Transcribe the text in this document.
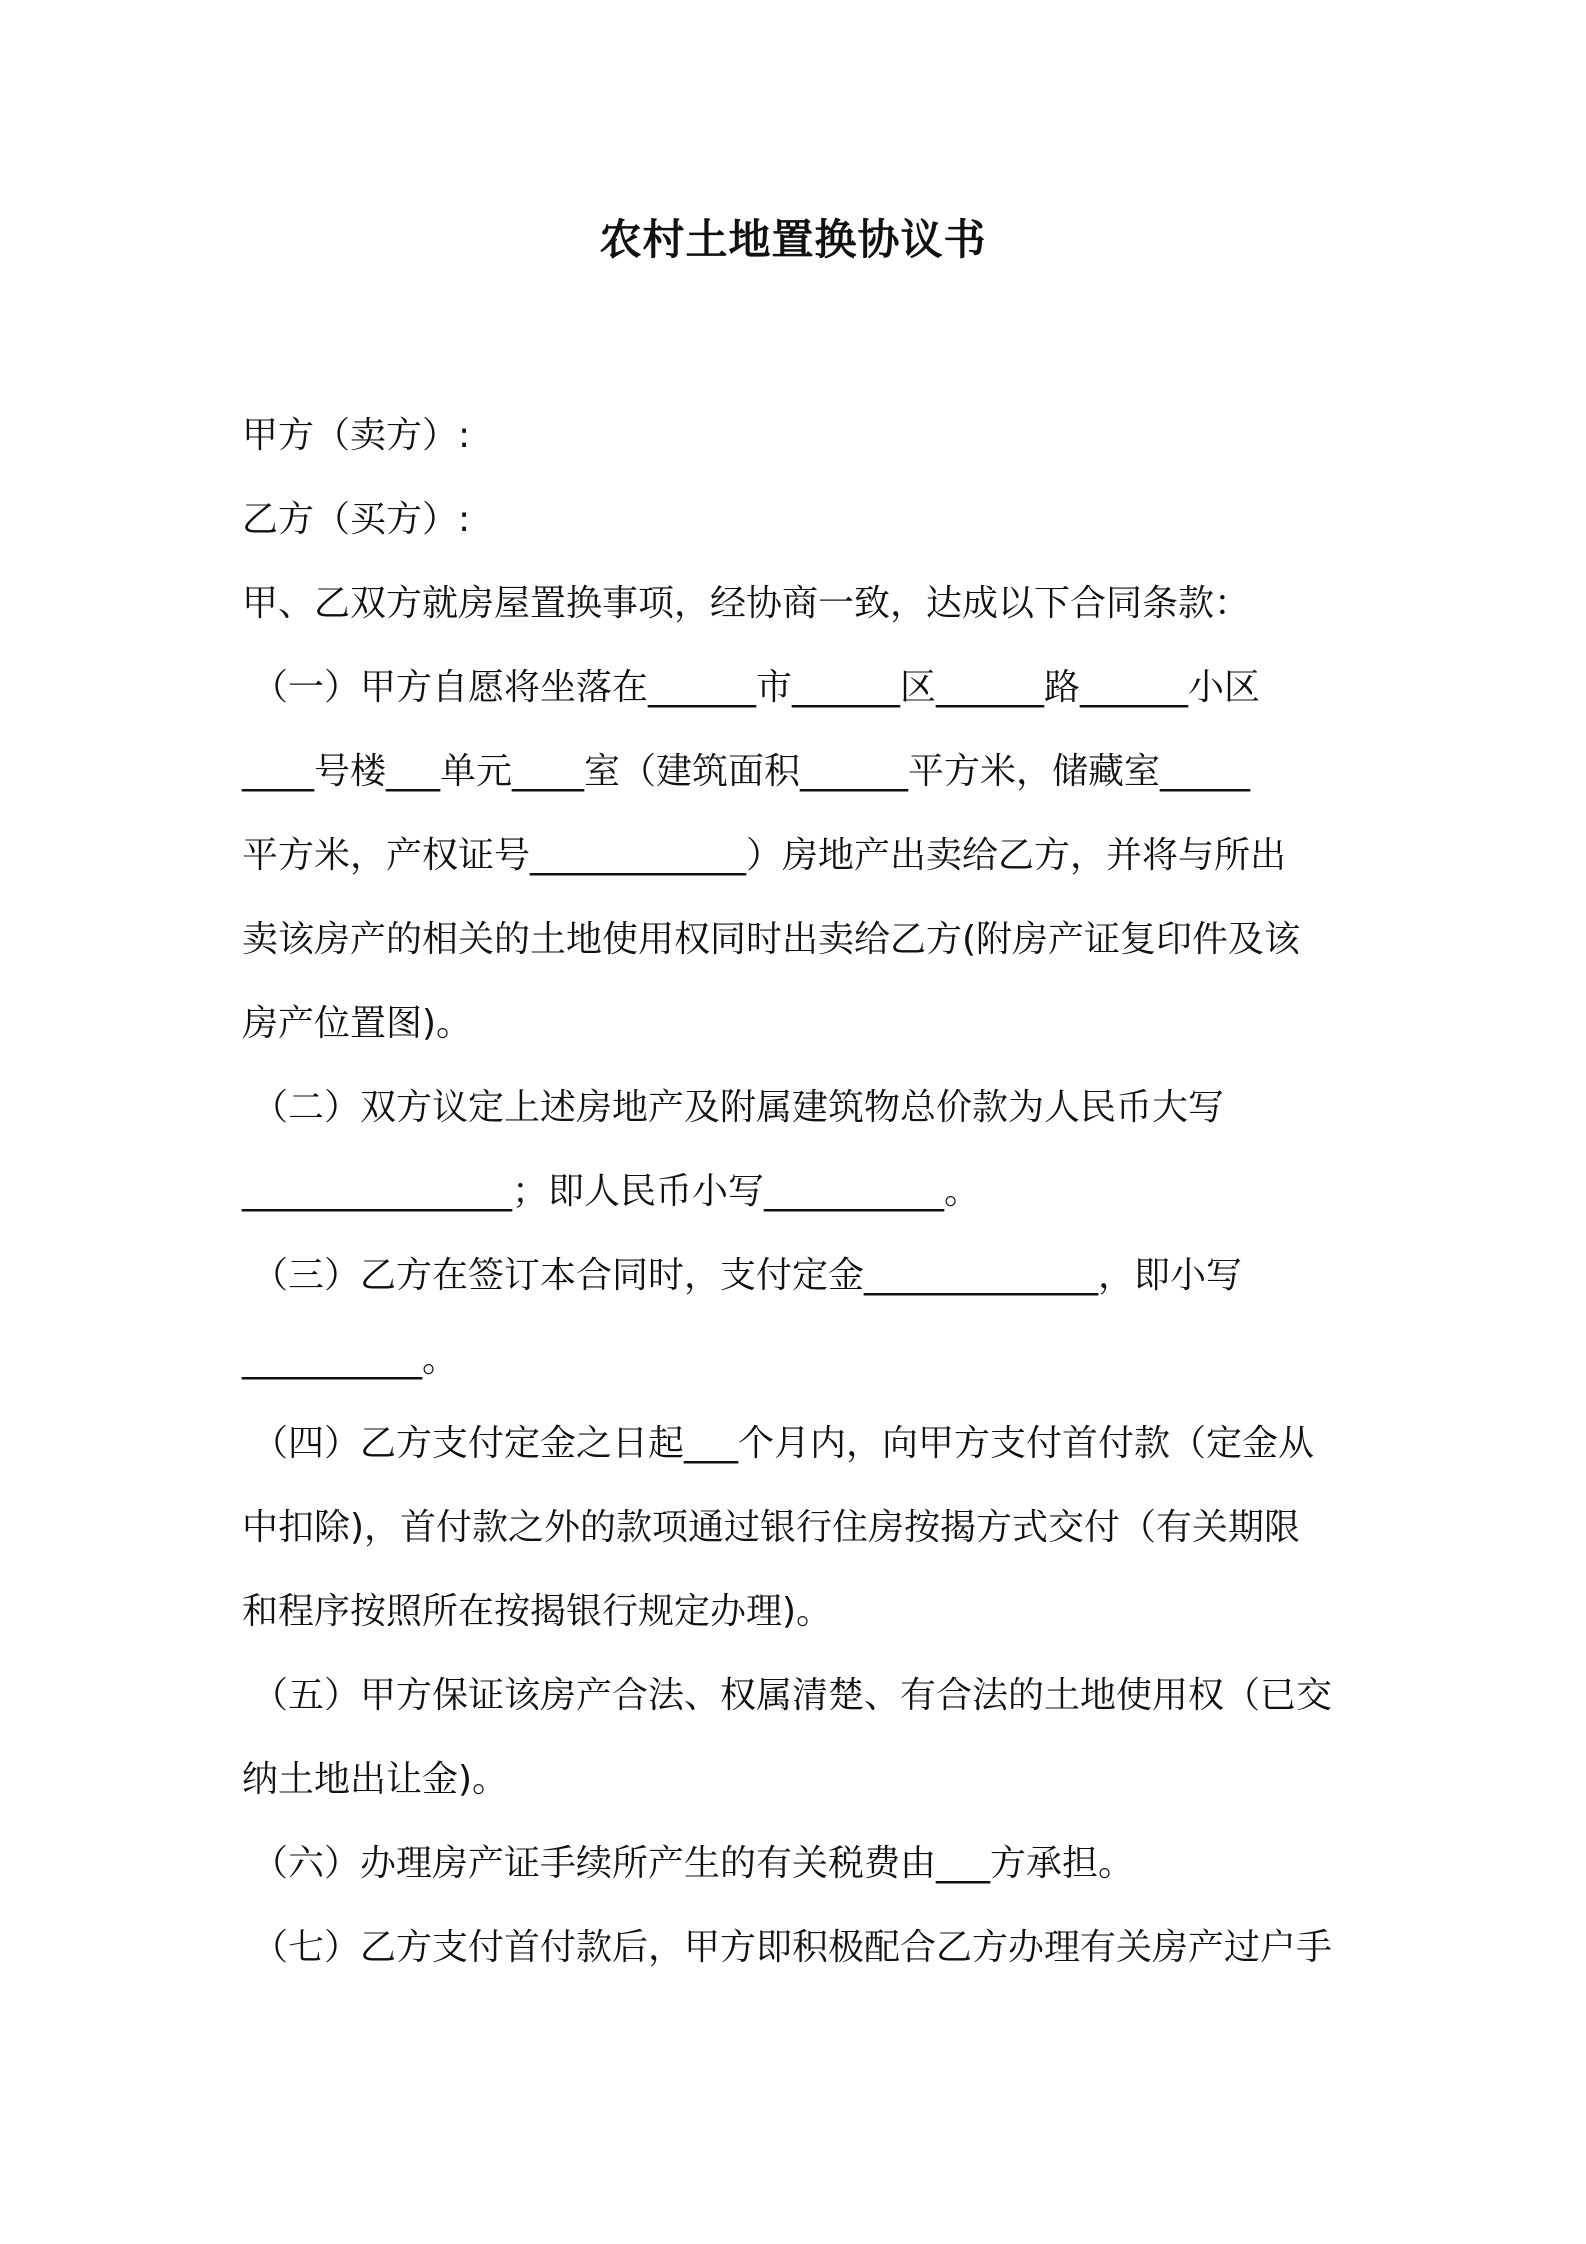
农村土地置换协议书
甲方（卖方）:
乙方（买方）:
甲、乙双方就房屋置换事项，经协商一致，达成以下合同条款：
（一）甲方自愿将坐落在______市______区______路______小区
____号楼___单元____室（建筑面积______平方米，储藏室_____
平方米，产权证号____________）房地产出卖给乙方，并将与所出
卖该房产的相关的土地使用权同时出卖给乙方(附房产证复印件及该
房产位置图)。
（二）双方议定上述房地产及附属建筑物总价款为人民币大写
_______________；即人民币小写__________。
（三）乙方在签订本合同时，支付定金_____________，即小写
__________。
（四）乙方支付定金之日起___个月内，向甲方支付首付款（定金从
中扣除)，首付款之外的款项通过银行住房按揭方式交付（有关期限
和程序按照所在按揭银行规定办理)。
（五）甲方保证该房产合法、权属清楚、有合法的土地使用权（已交
纳土地出让金)。
（六）办理房产证手续所产生的有关税费由___方承担。
（七）乙方支付首付款后，甲方即积极配合乙方办理有关房产过户手
